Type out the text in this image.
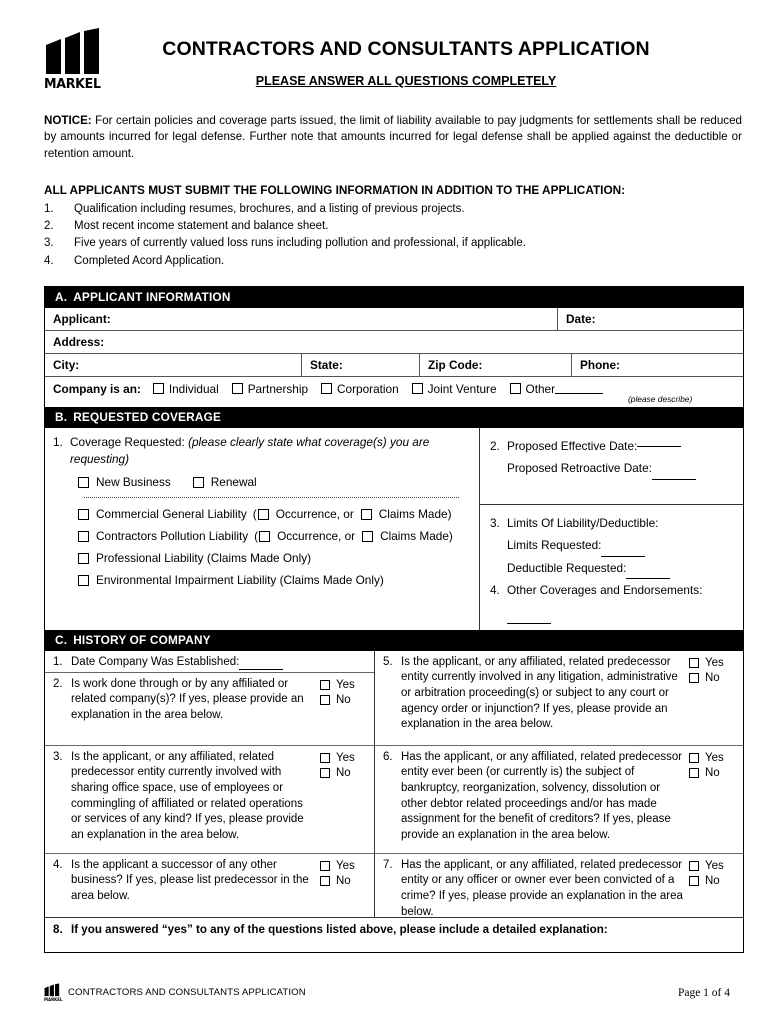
MARKEL
CONTRACTORS AND CONSULTANTS APPLICATION
PLEASE ANSWER ALL QUESTIONS COMPLETELY
NOTICE: For certain policies and coverage parts issued, the limit of liability available to pay judgments for settlements shall be reduced by amounts incurred for legal defense. Further note that amounts incurred for legal defense shall be applied against the deductible or retention amount.
ALL APPLICANTS MUST SUBMIT THE FOLLOWING INFORMATION IN ADDITION TO THE APPLICATION:
1.	Qualification including resumes, brochures, and a listing of previous projects.
2.	Most recent income statement and balance sheet.
3.	Five years of currently valued loss runs including pollution and professional, if applicable.
4.	Completed Acord Application.
A. APPLICANT INFORMATION
Applicant:	Date:
Address:
City:	State:	Zip Code:	Phone:
Company is an: Individual Partnership Corporation Joint Venture Other
(please describe)
B. REQUESTED COVERAGE
1. Coverage Requested: (please clearly state what coverage(s) you are requesting)
New Business	Renewal
Commercial General Liability ( Occurrence, or Claims Made)
Contractors Pollution Liability ( Occurrence, or Claims Made)
Professional Liability (Claims Made Only)
Environmental Impairment Liability (Claims Made Only)
2. Proposed Effective Date:
Proposed Retroactive Date:
3. Limits Of Liability/Deductible:
Limits Requested:
Deductible Requested:
4. Other Coverages and Endorsements:
C. HISTORY OF COMPANY
1. Date Company Was Established:
2. Is work done through or by any affiliated or related company(s)? If yes, please provide an explanation in the area below.
Yes
No
3. Is the applicant, or any affiliated, related predecessor entity currently involved with sharing office space, use of employees or commingling of affiliated or related operations or services of any kind? If yes, please provide an explanation in the area below.
Yes
No
4. Is the applicant a successor of any other business? If yes, please list predecessor in the area below.
Yes
No
5. Is the applicant, or any affiliated, related predecessor entity currently involved in any litigation, administrative or arbitration proceeding(s) or subject to any court or agency order or injunction? If yes, please provide an explanation in the area below.
Yes
No
6. Has the applicant, or any affiliated, related predecessor entity ever been (or currently is) the subject of bankruptcy, reorganization, solvency, dissolution or other debtor related proceedings and/or has made assignment for the benefit of creditors? If yes, please provide an explanation in the area below.
Yes
No
7. Has the applicant, or any affiliated, related predecessor entity or any officer or owner ever been convicted of a crime? If yes, please provide an explanation in the area below.
Yes
No
8. If you answered “yes” to any of the questions listed above, please include a detailed explanation:
MARKEL
CONTRACTORS AND CONSULTANTS APPLICATION	Page 1 of 4
